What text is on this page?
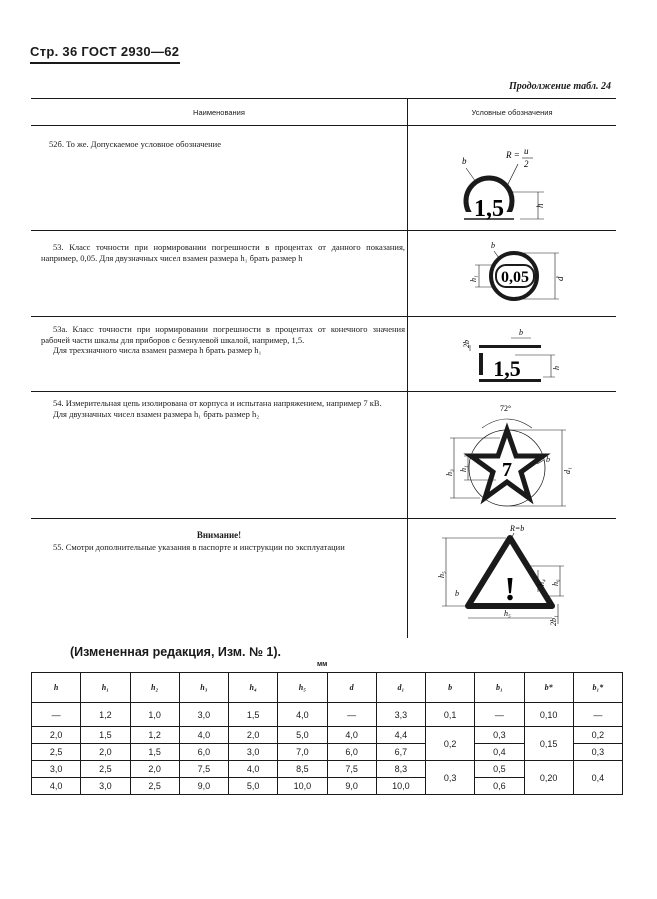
Стр. 36 ГОСТ 2930—62
Продолжение табл. 24
Наименования	Условные обозначения
52б. То же. Допускаемое условное обозначение
1,5
R = u
2
b
h
53. Класс точности при нормировании погрешности в процентах от данного показания, например, 0,05. Для двузначных чисел взамен размера h₁ брать размер h
0,05
b
h₁	d
53а. Класс точности при нормировании погрешности в процентах от конечного значения рабочей части шкалы для приборов с безнулевой шкалой, например, 1,5.
Для трехзначного числа взамен размера h брать размер h₁
1,5
2b
b
h
54. Измерительная цепь изолирована от корпуса и испытана напряжением, например 7 кВ.
Для двузначных чисел взамен размера h₁ брать размер h₂
7
72°
h₃
h₁
b
d₁
Внимание!
55. Смотри дополнительные указания в паспорте и инструкции по эксплуатации
!
R=b
h₅
b
h₆
h₄
h₅
2b₁
(Измененная редакция, Изм. № 1).
мм
h	h₁	h₂	h₃	h₄	h₅	d	d₁	b	b₁	b*	b₁*
—	1,2	1,0	3,0	1,5	4,0	—	3,3	0,1	—	0,10	—
2,0	1,5	1,2	4,0	2,0	5,0	4,0	4,4	0,2	0,3	0,15	0,2
2,5	2,0	1,5	6,0	3,0	7,0	6,0	6,7		0,4		0,3
3,0	2,5	2,0	7,5	4,0	8,5	7,5	8,3	0,3	0,5	0,20	0,4
4,0	3,0	2,5	9,0	5,0	10,0	9,0	10,0		0,6		
